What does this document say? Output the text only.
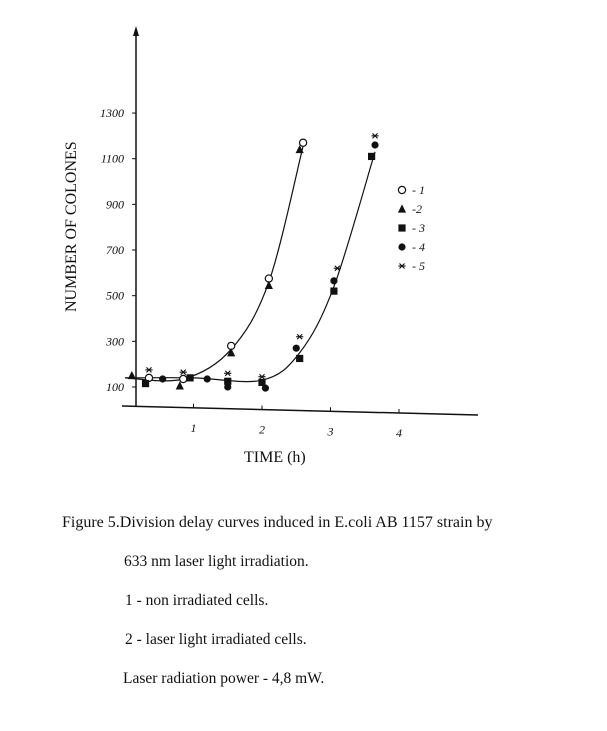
100
300
500
700
900
1100
1300
1	2	3	4
- 1
-2
- 3
- 4
- 5
NUMBER OF COLONES
TIME (h)
Figure 5.Division delay curves induced in E.coli AB 1157 strain by
633 nm laser light irradiation.
1 - non irradiated cells.
2 - laser light irradiated cells.
Laser radiation power - 4,8 mW.
